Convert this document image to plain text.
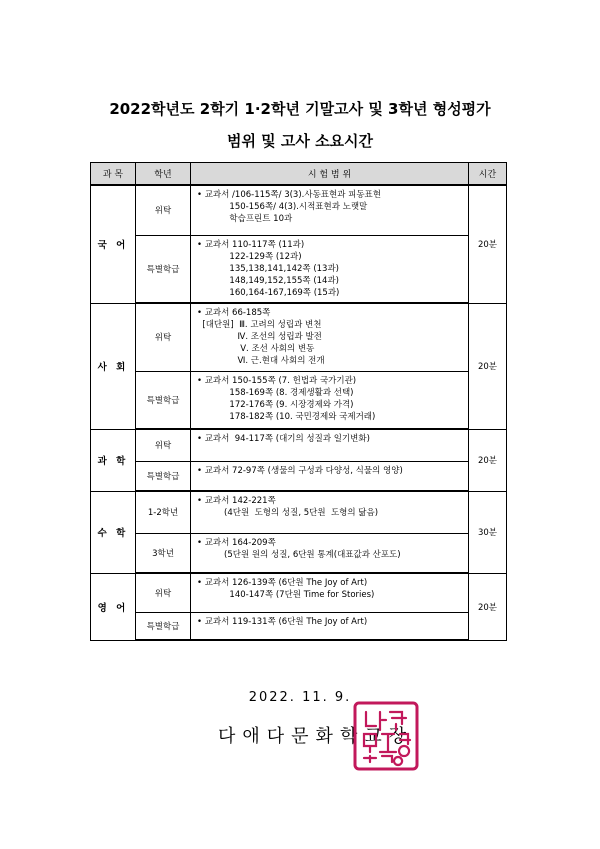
2022학년도 2학기 1·2학년 기말고사 및 3학년 형성평가
범위 및 고사 소요시간
과 목	학년	시 험 범 위	시간
국 어	위탁	• 교과서 /106-115쪽/ 3(3).사동표현과 피동표현
150-156쪽/ 4(3).시적표현과 노랫말
학습프린트 10과	20분
	특별학급	• 교과서 110-117쪽 (11과)
122-129쪽 (12과)
135,138,141,142쪽 (13과)
148,149,152,155쪽 (14과)
160,164-167,169쪽 (15과)	

사 회	위탁	• 교과서 66-185쪽
[대단원]  Ⅲ. 고려의 성립과 변천
Ⅳ. 조선의 성립과 발전
Ⅴ. 조선 사회의 변동
Ⅵ. 근.현대 사회의 전개	20분
	특별학급	• 교과서 150-155쪽 (7. 헌법과 국가기관)
158-169쪽 (8. 경제생활과 선택)
172-176쪽 (9. 시장경제와 가격)
178-182쪽 (10. 국민경제와 국제거래)	

과 학	위탁	• 교과서  94-117쪽 (대기의 성질과 일기변화)	20분
	특별학급	• 교과서 72-97쪽 (생물의 구성과 다양성, 식물의 영양)	

수 학	1-2학년	• 교과서 142-221쪽
(4단원  도형의 성질, 5단원  도형의 닮음)	30분
	3학년	• 교과서 164-209쪽
(5단원 원의 성질, 6단원 통계(대표값과 산포도)	

영 어	위탁	• 교과서 126-139쪽 (6단원 The Joy of Art)
140-147쪽 (7단원 Time for Stories)	20분
	특별학급	• 교과서 119-131쪽 (6단원 The Joy of Art)	
2022. 11. 9.
다애다문화학교장
